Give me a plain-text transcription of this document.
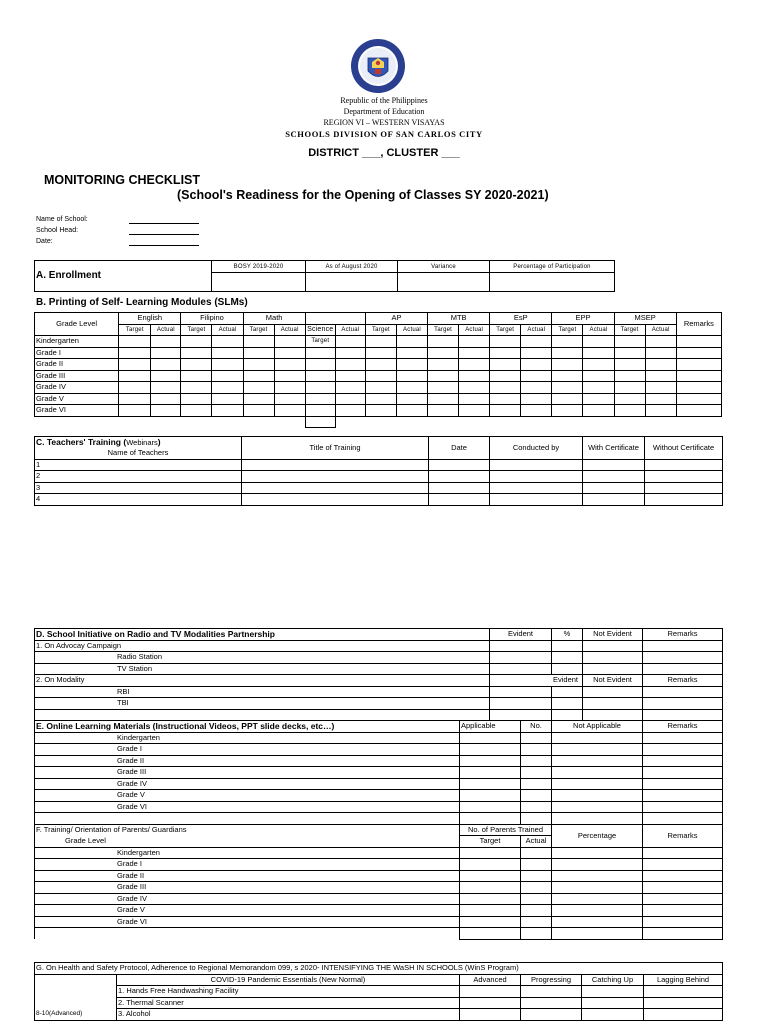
Republic of the Philippines
Department of Education
REGION VI – WESTERN VISAYAS
SCHOOLS DIVISION OF SAN CARLOS CITY
DISTRICT ___, CLUSTER ___
MONITORING CHECKLIST
(School's Readiness for the Opening of Classes SY 2020-2021)
Name of School:
School Head:
Date:
A. Enrollment	BOSY 2019-2020	As of August 2020	Variance	Percentage of Participation

B. Printing of Self- Learning Modules (SLMs)
Grade Level	English		Filipino		Math				AP		MTB		EsP		EPP		MSEP		Remarks
	Target	Actual	Target	Actual	Target	Actual	Science	Actual	Target	Actual	Target	Actual	Target	Actual	Target	Actual	Target	Actual	
Kindergarten							Target												
Grade I																			
Grade II																			
Grade III																			
Grade IV																			
Grade V																			
Grade VI																			

C. Teachers' Training (Webinars)	Title of Training	Date	Conducted by	With Certificate	Without Certificate
Name of Teachers					
1					
2					
3					
4					
D. School Initiative on Radio and TV Modalities Partnership		Evident		%	Not Evident	Remarks
1. On Advocay Campaign						
Radio Station						
TV Station						
2. On Modality		Evident			Not Evident	Remarks
RBI						
TBI						

E. Online Learning Materials (Instructional Videos, PPT slide decks, etc…)	Applicable		No.	Not Applicable		Remarks
Kindergarten						
Grade I						
Grade II						
Grade III						
Grade IV						
Grade V						
Grade VI						

F. Training/ Orientation of Parents/ Guardians	No. of Parents Trained			Percentage		Remarks
Grade Level	Target		Actual			
Kindergarten						
Grade I						
Grade II						
Grade III						
Grade IV						
Grade V						
Grade VI						

G. On Health and Safety Protocol, Adherence to Regional Memorandom 099, s 2020- INTENSIFYING THE WaSH IN SCHOOLS (WinS Program)					
	COVID-19 Pandemic Essentials (New Normal)	Advanced	Progressing	Catching Up	Lagging Behind
	1. Hands Free Handwashing Facility				
	2. Thermal Scanner				
8-10(Advanced)	3. Alcohol				
